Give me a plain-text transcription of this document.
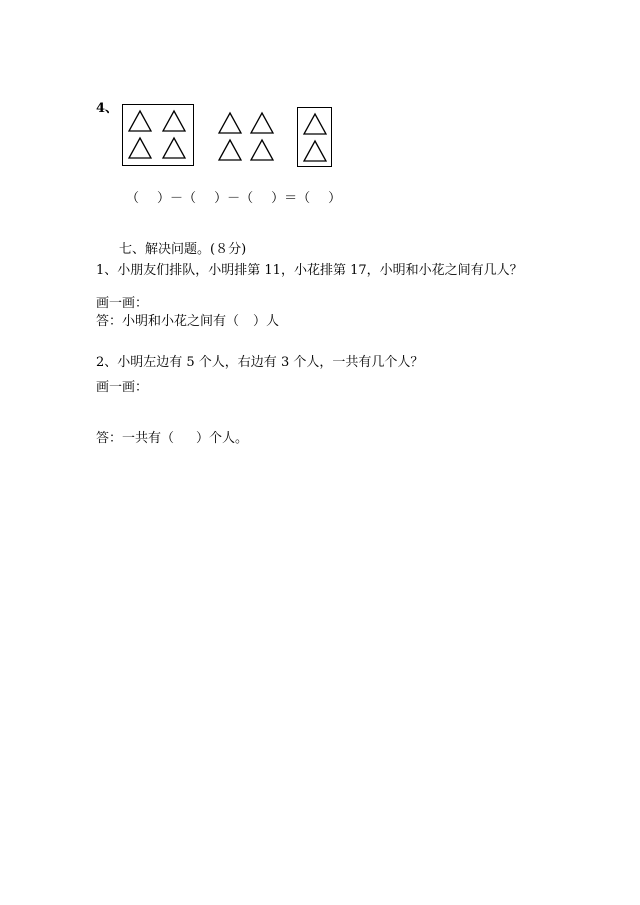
4、
（ ）－（ ）－（ ）＝（ ）
七、解决问题。(８分)
1、小朋友们排队，小明排第 11，小花排第 17，小明和小花之间有几人？
画一画：
答：小明和小花之间有（ ）人
2、小明左边有 5 个人，右边有 3 个人，一共有几个人？
画一画：
答：一共有（ ）个人。
